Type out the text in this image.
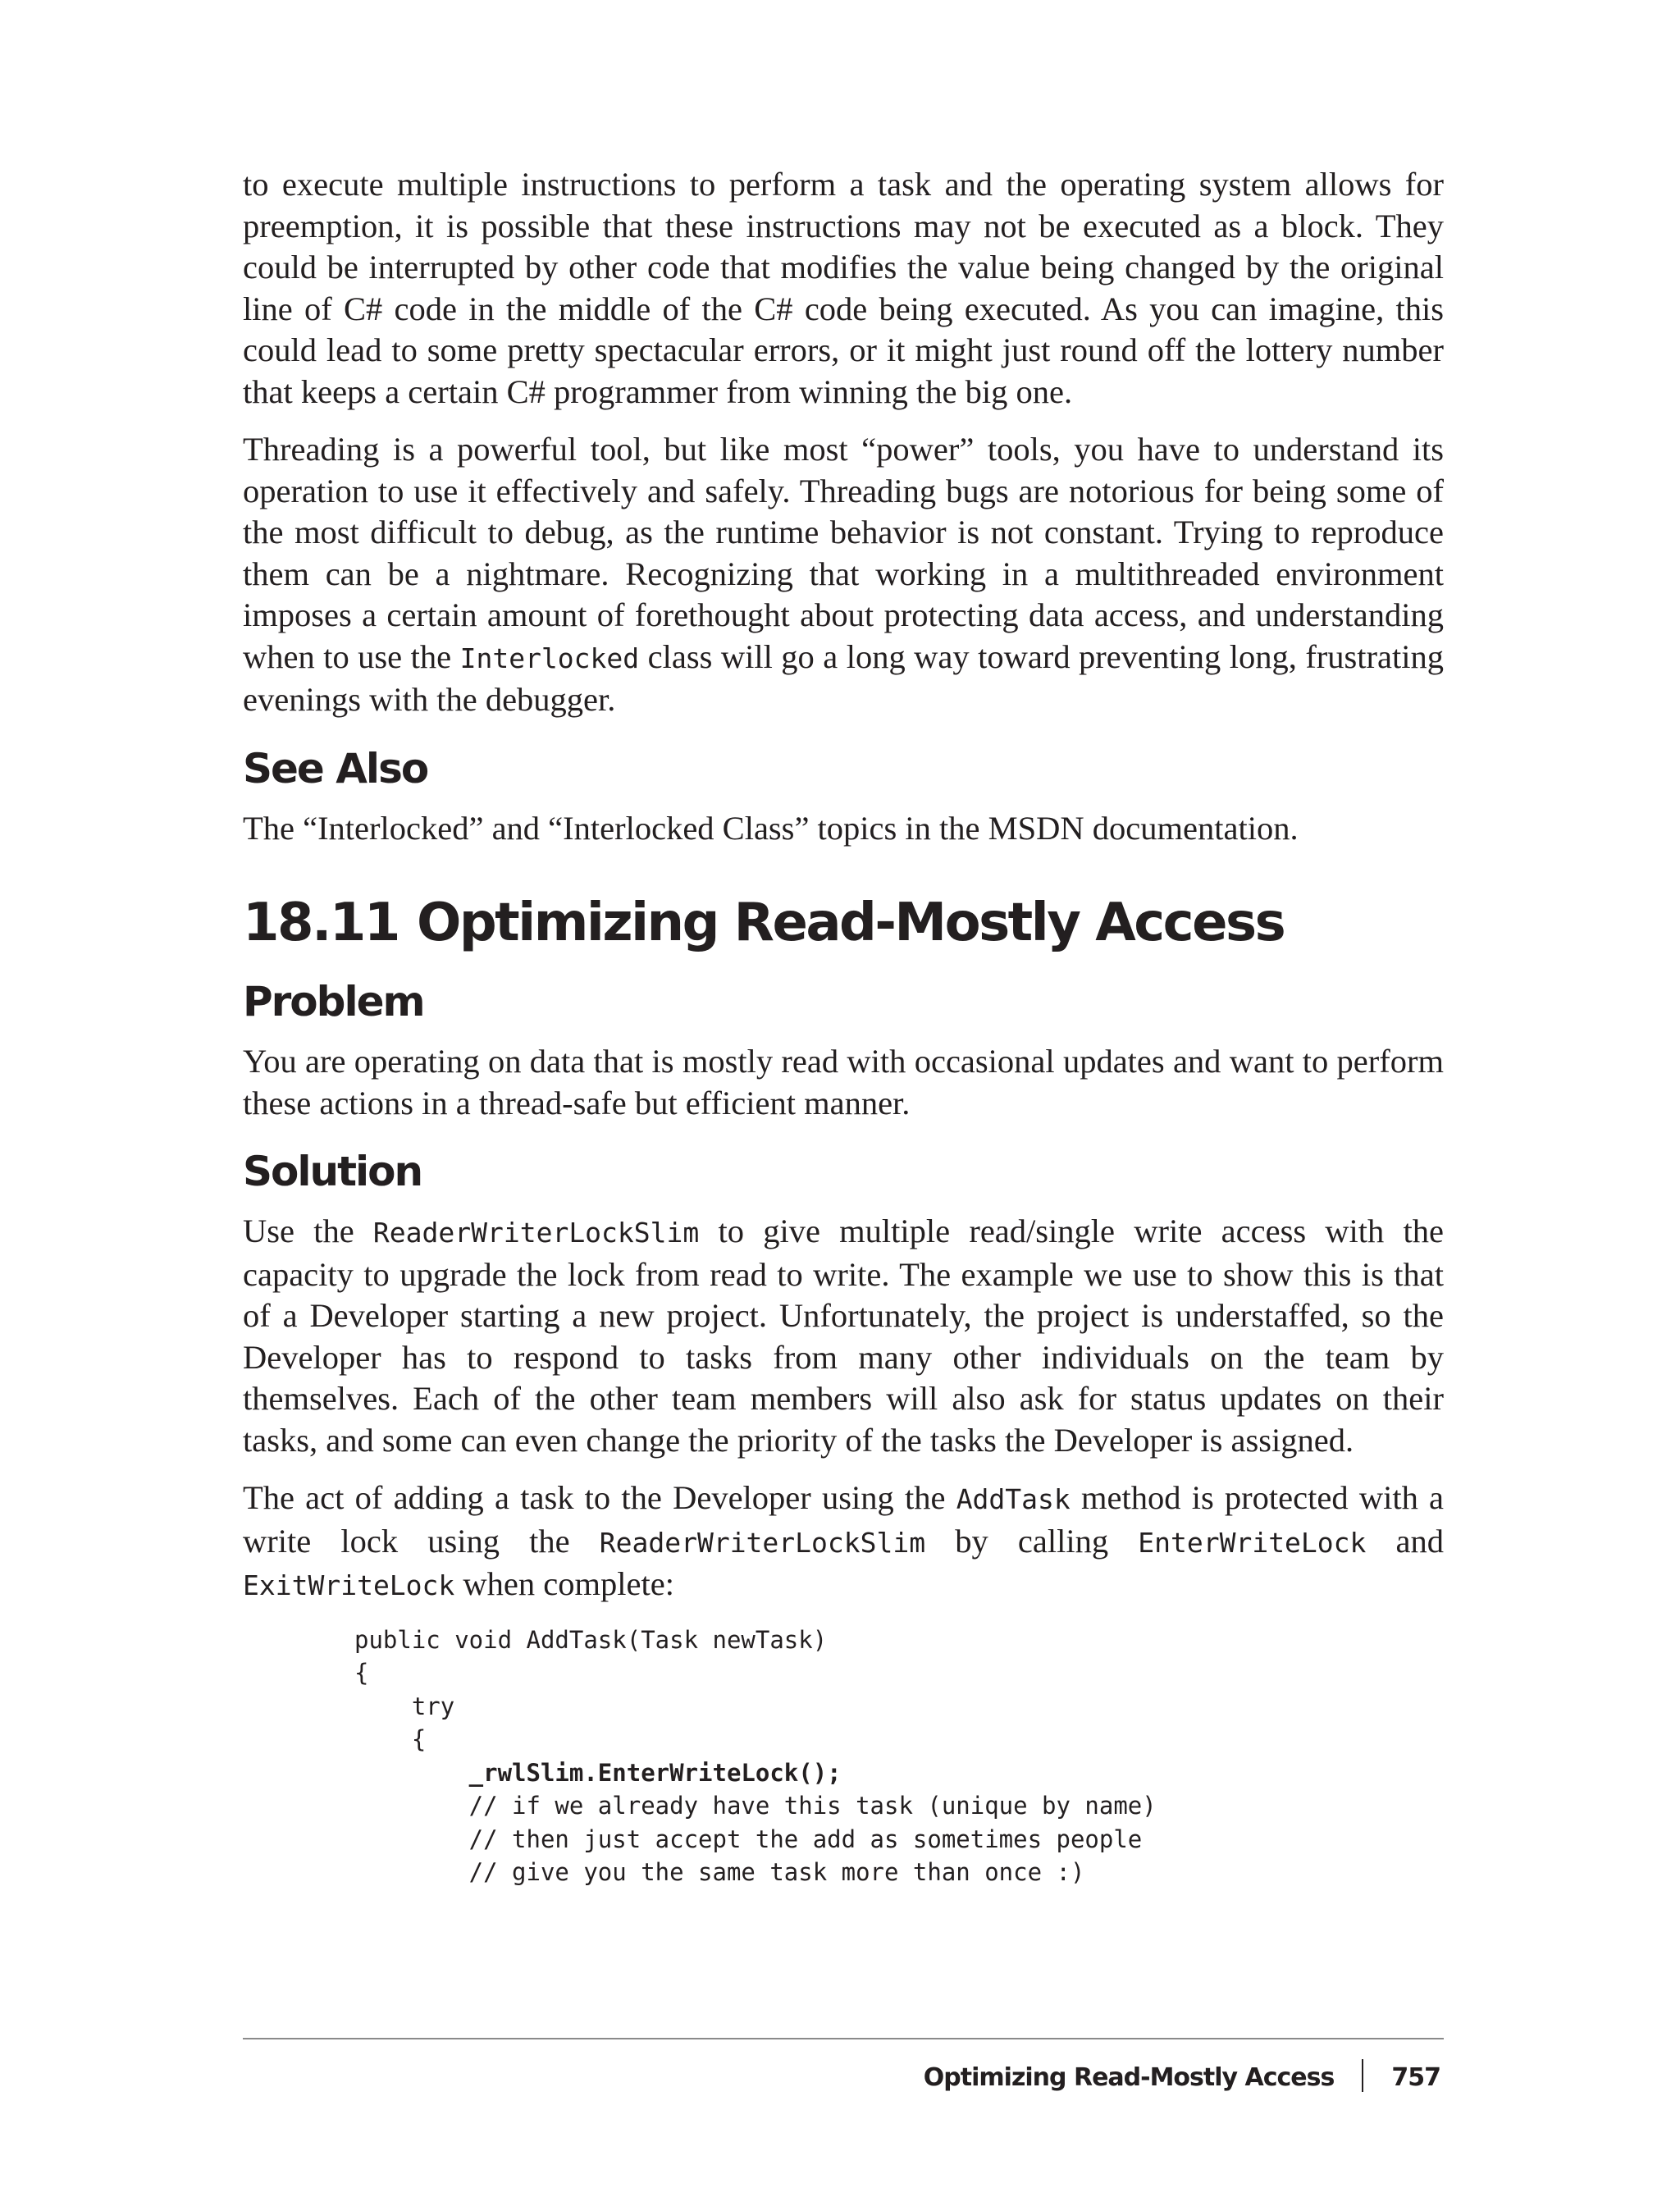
to execute multiple instructions to perform a task and the operating system allows for preemption, it is possible that these instructions may not be executed as a block. They could be interrupted by other code that modifies the value being changed by the original line of C# code in the middle of the C# code being executed. As you can imagine, this could lead to some pretty spectacular errors, or it might just round off the lottery number that keeps a certain C# programmer from winning the big one.

Threading is a powerful tool, but like most “power” tools, you have to understand its operation to use it effectively and safely. Threading bugs are notorious for being some of the most difficult to debug, as the runtime behavior is not constant. Trying to reproduce them can be a nightmare. Recognizing that working in a multithreaded environment imposes a certain amount of forethought about protecting data access, and understanding when to use the Interlocked class will go a long way toward preventing long, frustrating evenings with the debugger.

See Also

The “Interlocked” and “Interlocked Class” topics in the MSDN documentation.

18.11 Optimizing Read-Mostly Access
Problem

You are operating on data that is mostly read with occasional updates and want to perform these actions in a thread-safe but efficient manner.

Solution

Use the ReaderWriterLockSlim to give multiple read/single write access with the capacity to upgrade the lock from read to write. The example we use to show this is that of a Developer starting a new project. Unfortunately, the project is understaffed, so the Developer has to respond to tasks from many other individuals on the team by themselves. Each of the other team members will also ask for status updates on their tasks, and some can even change the priority of the tasks the Developer is assigned.

The act of adding a task to the Developer using the AddTask method is protected with a write lock using the ReaderWriterLockSlim by calling EnterWriteLock and ExitWriteLock when complete:

public void AddTask(Task newTask)
{
try
{
_rwlSlim.EnterWriteLock();
// if we already have this task (unique by name)
// then just accept the add as sometimes people
// give you the same task more than once :)
Optimizing Read-Mostly Access 757
